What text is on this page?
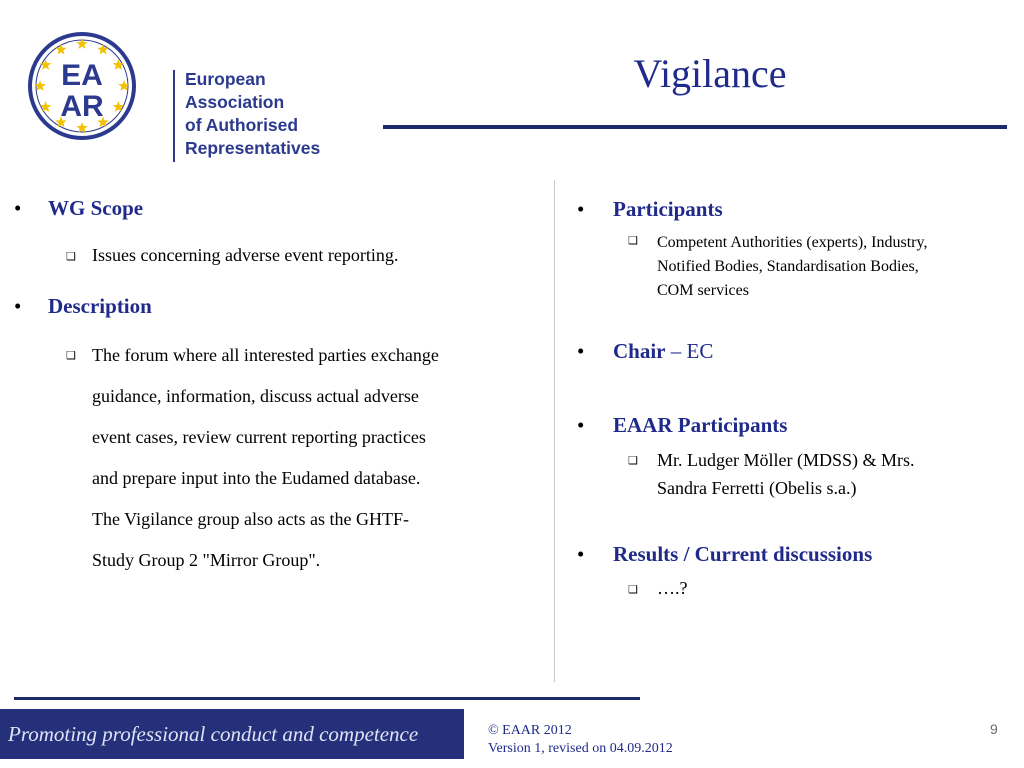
EA
AR
European
Association
of Authorised
Representatives
Vigilance
• WG Scope
❑ Issues concerning adverse event reporting.
• Description
❑ The forum where all interested parties exchange
guidance, information, discuss actual adverse
event cases, review current reporting practices
and prepare input into the Eudamed database.
The Vigilance group also acts as the GHTF-
Study Group 2 "Mirror Group".
• Participants
❑ Competent Authorities (experts), Industry,
Notified Bodies, Standardisation Bodies,
COM services
• Chair – EC
• EAAR Participants
❑ Mr. Ludger Möller (MDSS) & Mrs.
Sandra Ferretti (Obelis s.a.)
• Results / Current discussions
❑ ….?
Promoting professional conduct and competence	© EAAR 2012
Version 1, revised on 04.09.2012
9
